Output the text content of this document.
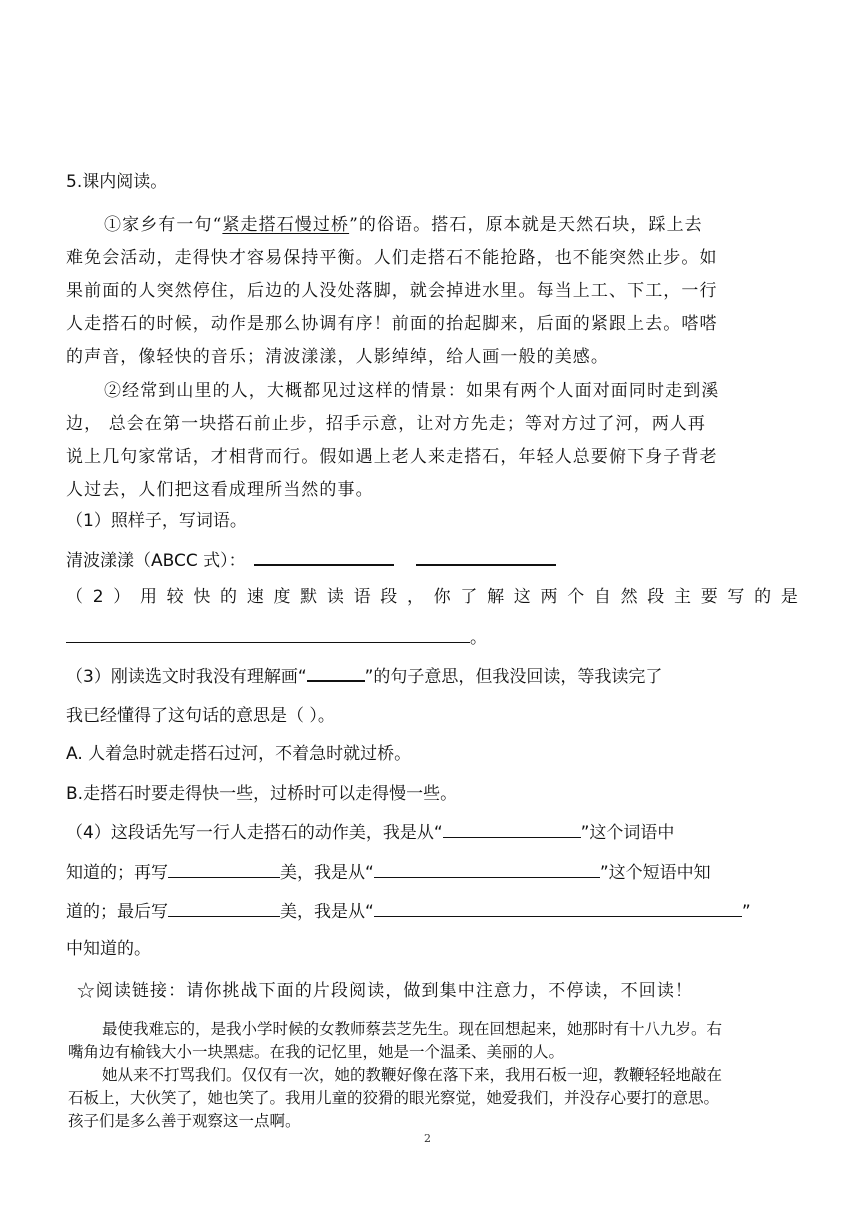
5.课内阅读。
①家乡有一句“紧走搭石慢过桥”的俗语。搭石，原本就是天然石块，踩上去
难免会活动，走得快才容易保持平衡。人们走搭石不能抢路，也不能突然止步。如
果前面的人突然停住，后边的人没处落脚，就会掉进水里。每当上工、下工，一行
人走搭石的时候，动作是那么协调有序！前面的抬起脚来，后面的紧跟上去。嗒嗒
的声音，像轻快的音乐；清波漾漾，人影绰绰，给人画一般的美感。
②经常到山里的人，大概都见过这样的情景：如果有两个人面对面同时走到溪
边， 总会在第一块搭石前止步，招手示意，让对方先走；等对方过了河，两人再
说上几句家常话，才相背而行。假如遇上老人来走搭石，年轻人总要俯下身子背老
人过去，人们把这看成理所当然的事。
（1）照样子，写词语。
清波漾漾（ABCC 式）：
（ 2 ） 用 较 快 的 速 度 默 读 语 段 ， 你 了 解 这 两 个 自 然 段 主 要 写 的 是
。
（3）刚读选文时我没有理解画“	”的句子意思，但我没回读，等我读完了
我已经懂得了这句话的意思是（ ）。
A. 人着急时就走搭石过河，不着急时就过桥。
B.走搭石时要走得快一些，过桥时可以走得慢一些。
（4）这段话先写一行人走搭石的动作美，我是从“	”这个词语中
知道的；再写	美，我是从“	”这个短语中知
道的；最后写	美，我是从“	”
中知道的。
☆阅读链接：请你挑战下面的片段阅读，做到集中注意力，不停读，不回读！
最使我难忘的，是我小学时候的女教师蔡芸芝先生。现在回想起来，她那时有十八九岁。右
嘴角边有榆钱大小一块黑痣。在我的记忆里，她是一个温柔、美丽的人。
她从来不打骂我们。仅仅有一次，她的教鞭好像在落下来，我用石板一迎，教鞭轻轻地敲在
石板上，大伙笑了，她也笑了。我用儿童的狡猾的眼光察觉，她爱我们，并没存心要打的意思。
孩子们是多么善于观察这一点啊。
2
